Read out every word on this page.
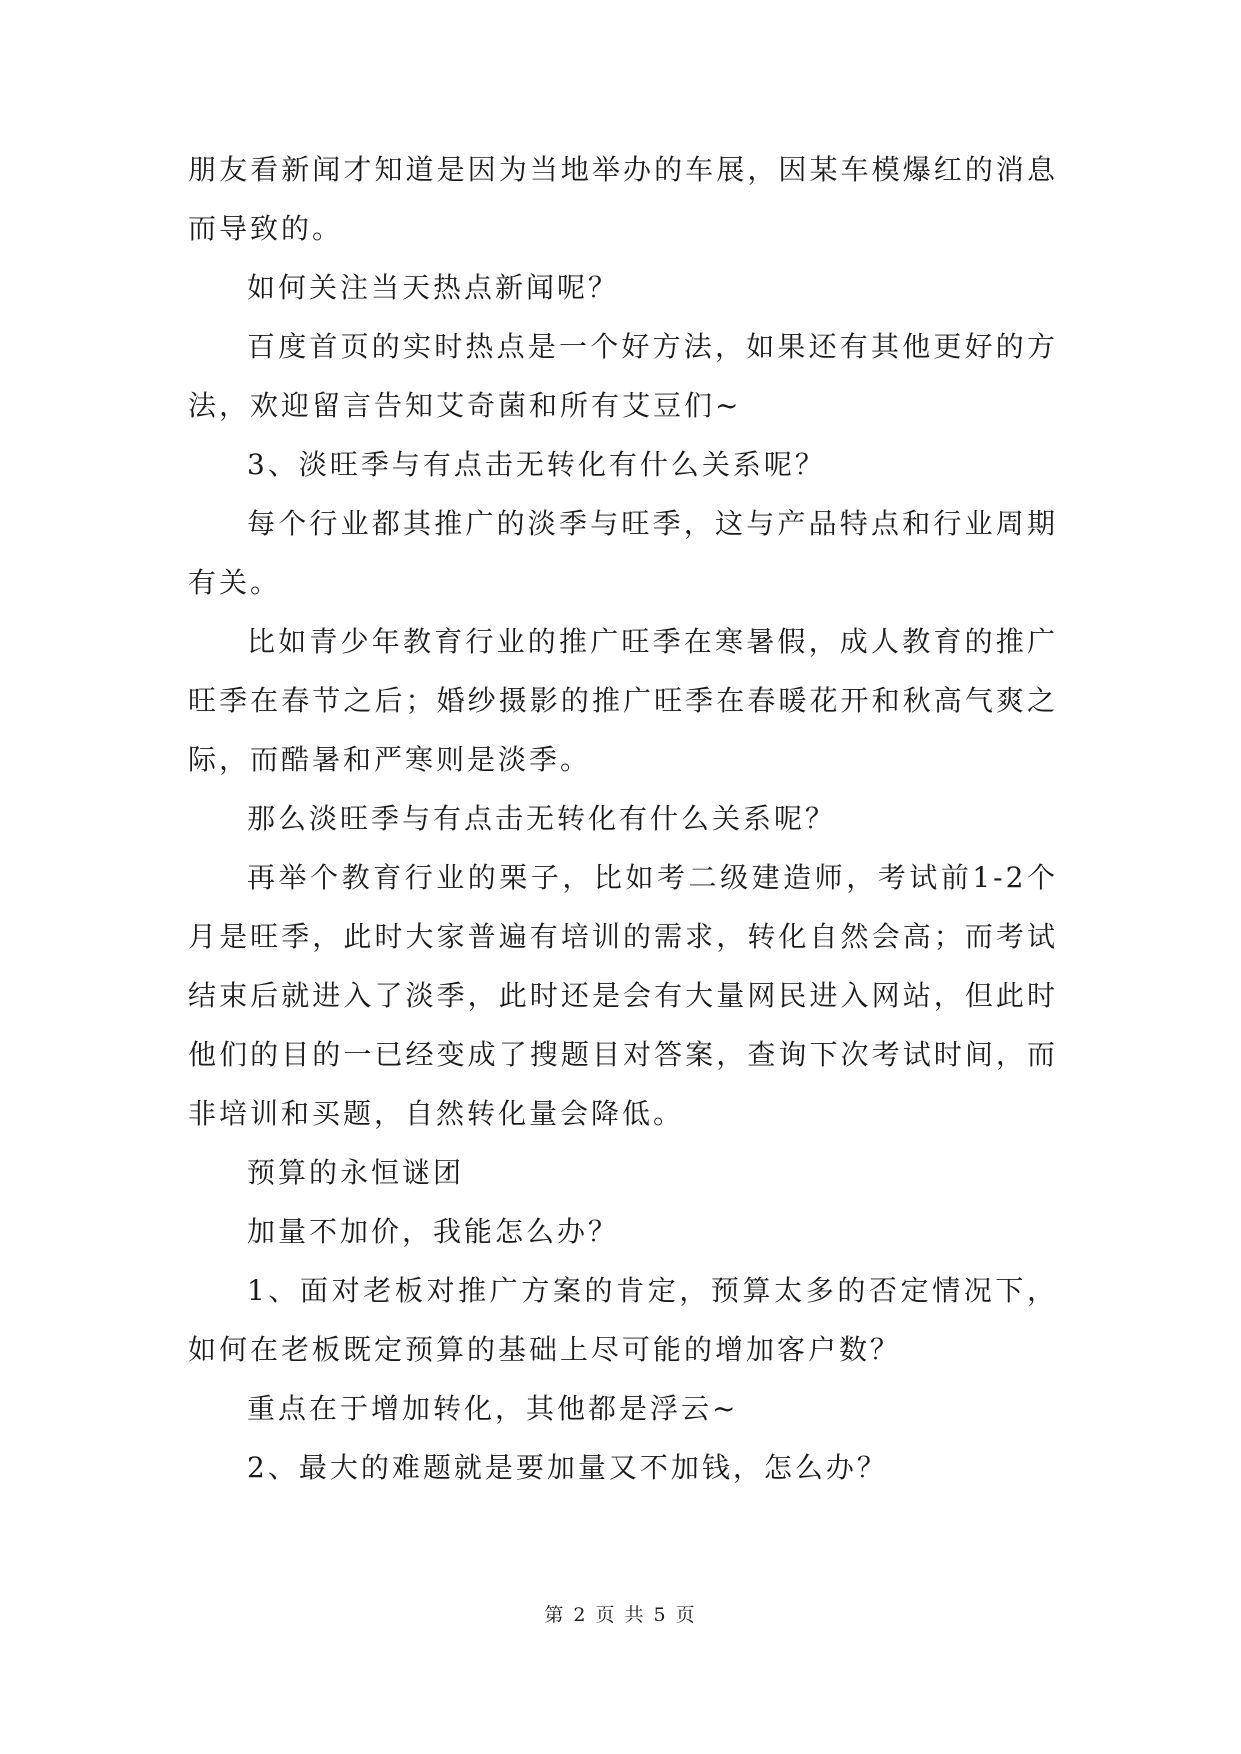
朋友看新闻才知道是因为当地举办的车展，因某车模爆红的消息而导致的。

如何关注当天热点新闻呢？

百度首页的实时热点是一个好方法，如果还有其他更好的方法，欢迎留言告知艾奇菌和所有艾豆们~

3、淡旺季与有点击无转化有什么关系呢？

每个行业都其推广的淡季与旺季，这与产品特点和行业周期有关。

比如青少年教育行业的推广旺季在寒暑假，成人教育的推广旺季在春节之后；婚纱摄影的推广旺季在春暖花开和秋高气爽之际，而酷暑和严寒则是淡季。

那么淡旺季与有点击无转化有什么关系呢？

再举个教育行业的栗子，比如考二级建造师，考试前1-2个月是旺季，此时大家普遍有培训的需求，转化自然会高；而考试结束后就进入了淡季，此时还是会有大量网民进入网站，但此时他们的目的一已经变成了搜题目对答案，查询下次考试时间，而非培训和买题，自然转化量会降低。

预算的永恒谜团

加量不加价，我能怎么办？

1、面对老板对推广方案的肯定，预算太多的否定情况下，如何在老板既定预算的基础上尽可能的增加客户数？

重点在于增加转化，其他都是浮云~

2、最大的难题就是要加量又不加钱，怎么办？

第 2 页 共 5 页
